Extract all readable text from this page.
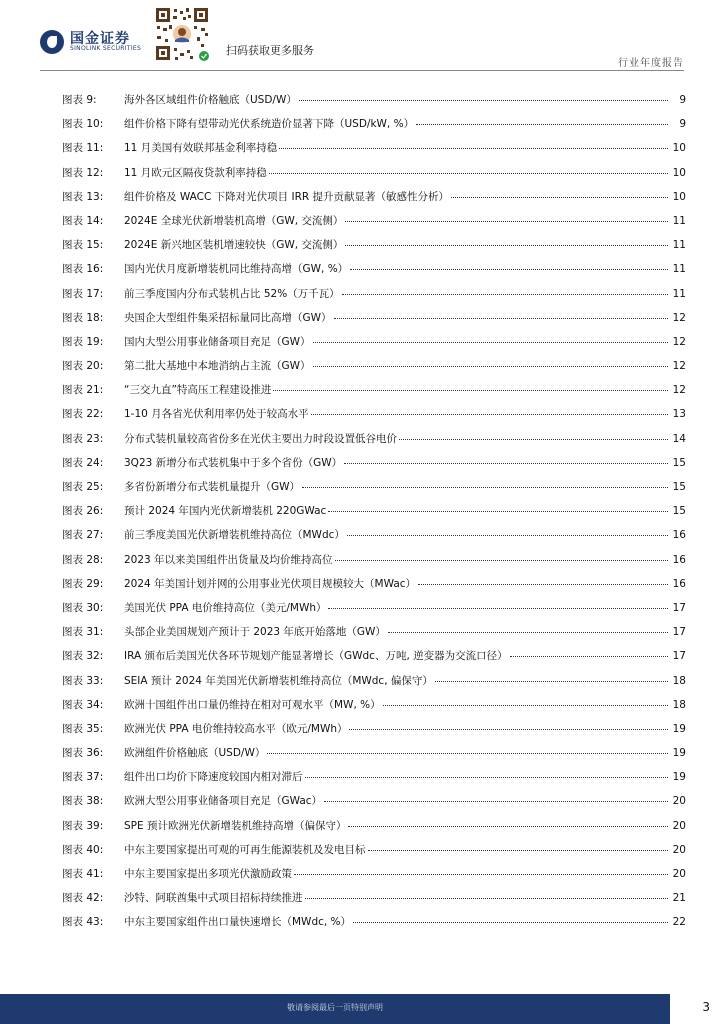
国金证券
SINOLINK SECURITIES	扫码获取更多服务
行业年度报告
图表 9:	海外各区域组件价格触底（USD/W）	9
图表 10:	组件价格下降有望带动光伏系统造价显著下降（USD/kW, %）	9
图表 11:	11 月美国有效联邦基金利率持稳	10
图表 12:	11 月欧元区隔夜贷款利率持稳	10
图表 13:	组件价格及 WACC 下降对光伏项目 IRR 提升贡献显著（敏感性分析）	10
图表 14:	2024E 全球光伏新增装机高增（GW, 交流侧）	11
图表 15:	2024E 新兴地区装机增速较快（GW, 交流侧）	11
图表 16:	国内光伏月度新增装机同比维持高增（GW, %）	11
图表 17:	前三季度国内分布式装机占比 52%（万千瓦）	11
图表 18:	央国企大型组件集采招标量同比高增（GW）	12
图表 19:	国内大型公用事业储备项目充足（GW）	12
图表 20:	第二批大基地中本地消纳占主流（GW）	12
图表 21:	“三交九直”特高压工程建设推进	12
图表 22:	1-10 月各省光伏利用率仍处于较高水平	13
图表 23:	分布式装机量较高省份多在光伏主要出力时段设置低谷电价	14
图表 24:	3Q23 新增分布式装机集中于多个省份（GW）	15
图表 25:	多省份新增分布式装机量提升（GW）	15
图表 26:	预计 2024 年国内光伏新增装机 220GWac	15
图表 27:	前三季度美国光伏新增装机维持高位（MWdc）	16
图表 28:	2023 年以来美国组件出货量及均价维持高位	16
图表 29:	2024 年美国计划并网的公用事业光伏项目规模较大（MWac）	16
图表 30:	美国光伏 PPA 电价维持高位（美元/MWh）	17
图表 31:	头部企业美国规划产预计于 2023 年底开始落地（GW）	17
图表 32:	IRA 颁布后美国光伏各环节规划产能显著增长（GWdc、万吨, 逆变器为交流口径）	17
图表 33:	SEIA 预计 2024 年美国光伏新增装机维持高位（MWdc, 偏保守）	18
图表 34:	欧洲十国组件出口量仍维持在相对可观水平（MW, %）	18
图表 35:	欧洲光伏 PPA 电价维持较高水平（欧元/MWh）	19
图表 36:	欧洲组件价格触底（USD/W）	19
图表 37:	组件出口均价下降速度较国内相对滞后	19
图表 38:	欧洲大型公用事业储备项目充足（GWac）	20
图表 39:	SPE 预计欧洲光伏新增装机维持高增（偏保守）	20
图表 40:	中东主要国家提出可观的可再生能源装机及发电目标	20
图表 41:	中东主要国家提出多项光伏激励政策	20
图表 42:	沙特、阿联酋集中式项目招标持续推进	21
图表 43:	中东主要国家组件出口量快速增长（MWdc, %）	22
敬请参阅最后一页特别声明	3
